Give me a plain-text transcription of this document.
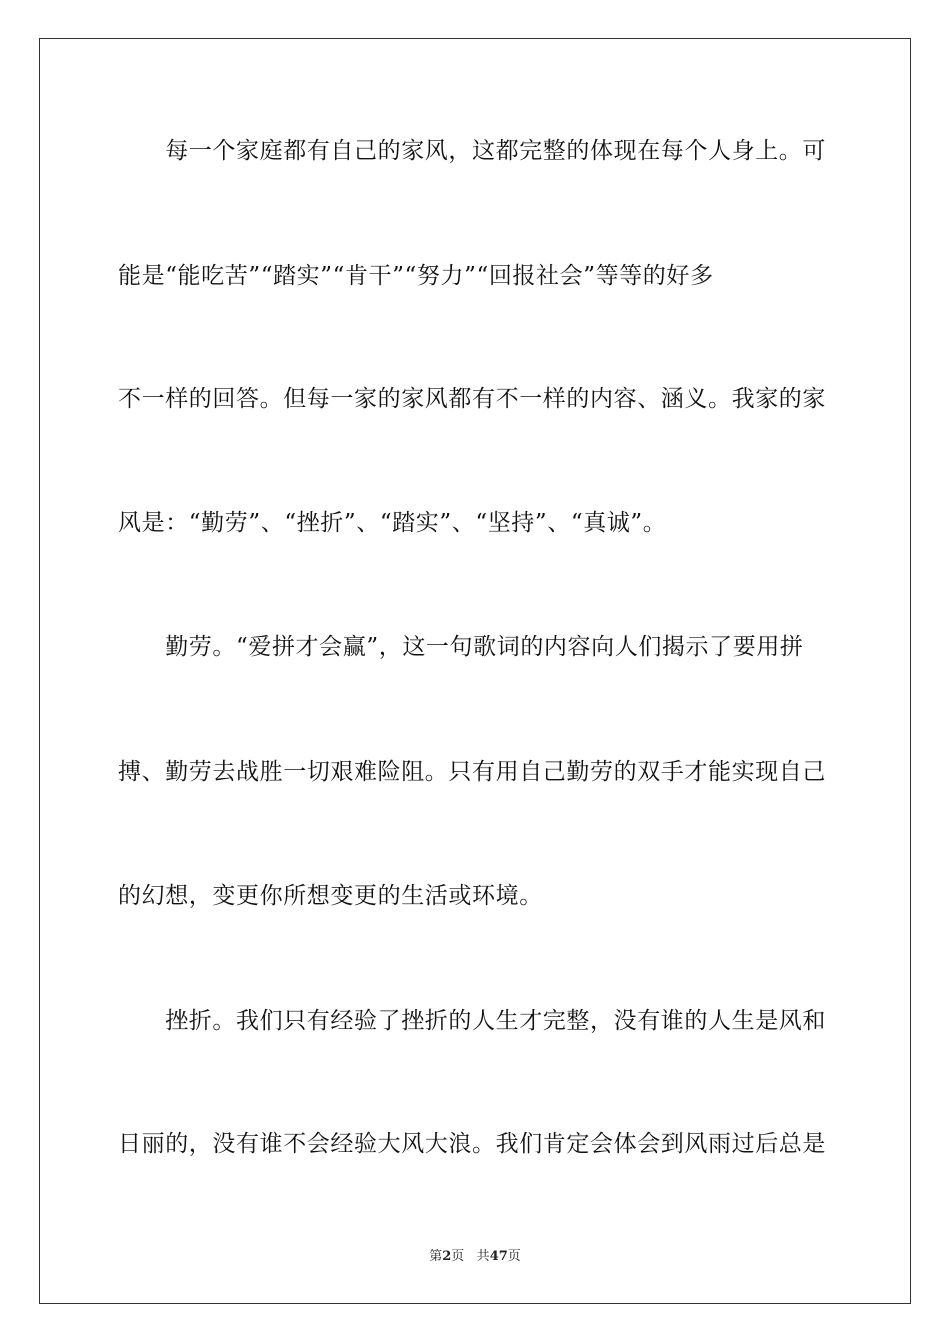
　　每一个家庭都有自己的家风，这都完整的体现在每个人身上。可
能是“能吃苦”“踏实”“肯干”“努力”“回报社会”等等的好多
不一样的回答。但每一家的家风都有不一样的内容、涵义。我家的家
风是：“勤劳”、“挫折”、“踏实”、“坚持”、“真诚”。
　　勤劳。“爱拼才会赢”，这一句歌词的内容向人们揭示了要用拼
搏、勤劳去战胜一切艰难险阻。只有用自己勤劳的双手才能实现自己
的幻想，变更你所想变更的生活或环境。
　　挫折。我们只有经验了挫折的人生才完整，没有谁的人生是风和
日丽的，没有谁不会经验大风大浪。我们肯定会体会到风雨过后总是
第2页 共47页
